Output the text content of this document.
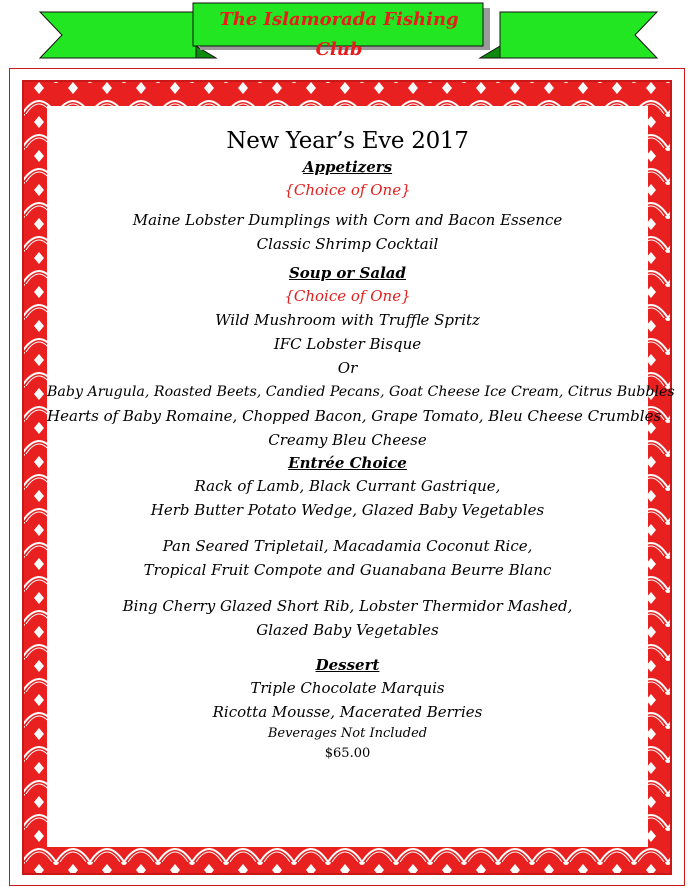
The Islamorada Fishing Club
New Year’s Eve 2017
Appetizers
{Choice of One}
Maine Lobster Dumplings with Corn and Bacon Essence
Classic Shrimp Cocktail
Soup or Salad
{Choice of One}
Wild Mushroom with Truffle Spritz
IFC Lobster Bisque
Or
Baby Arugula, Roasted Beets, Candied Pecans, Goat Cheese Ice Cream, Citrus Bubbles
Hearts of Baby Romaine, Chopped Bacon, Grape Tomato, Bleu Cheese Crumbles
Creamy Bleu Cheese
Entrée Choice
Rack of Lamb, Black Currant Gastrique,
Herb Butter Potato Wedge, Glazed Baby Vegetables
Pan Seared Tripletail, Macadamia Coconut Rice,
Tropical Fruit Compote and Guanabana Beurre Blanc
Bing Cherry Glazed Short Rib, Lobster Thermidor Mashed,
Glazed Baby Vegetables
Dessert
Triple Chocolate Marquis
Ricotta Mousse, Macerated Berries
Beverages Not Included
$65.00
